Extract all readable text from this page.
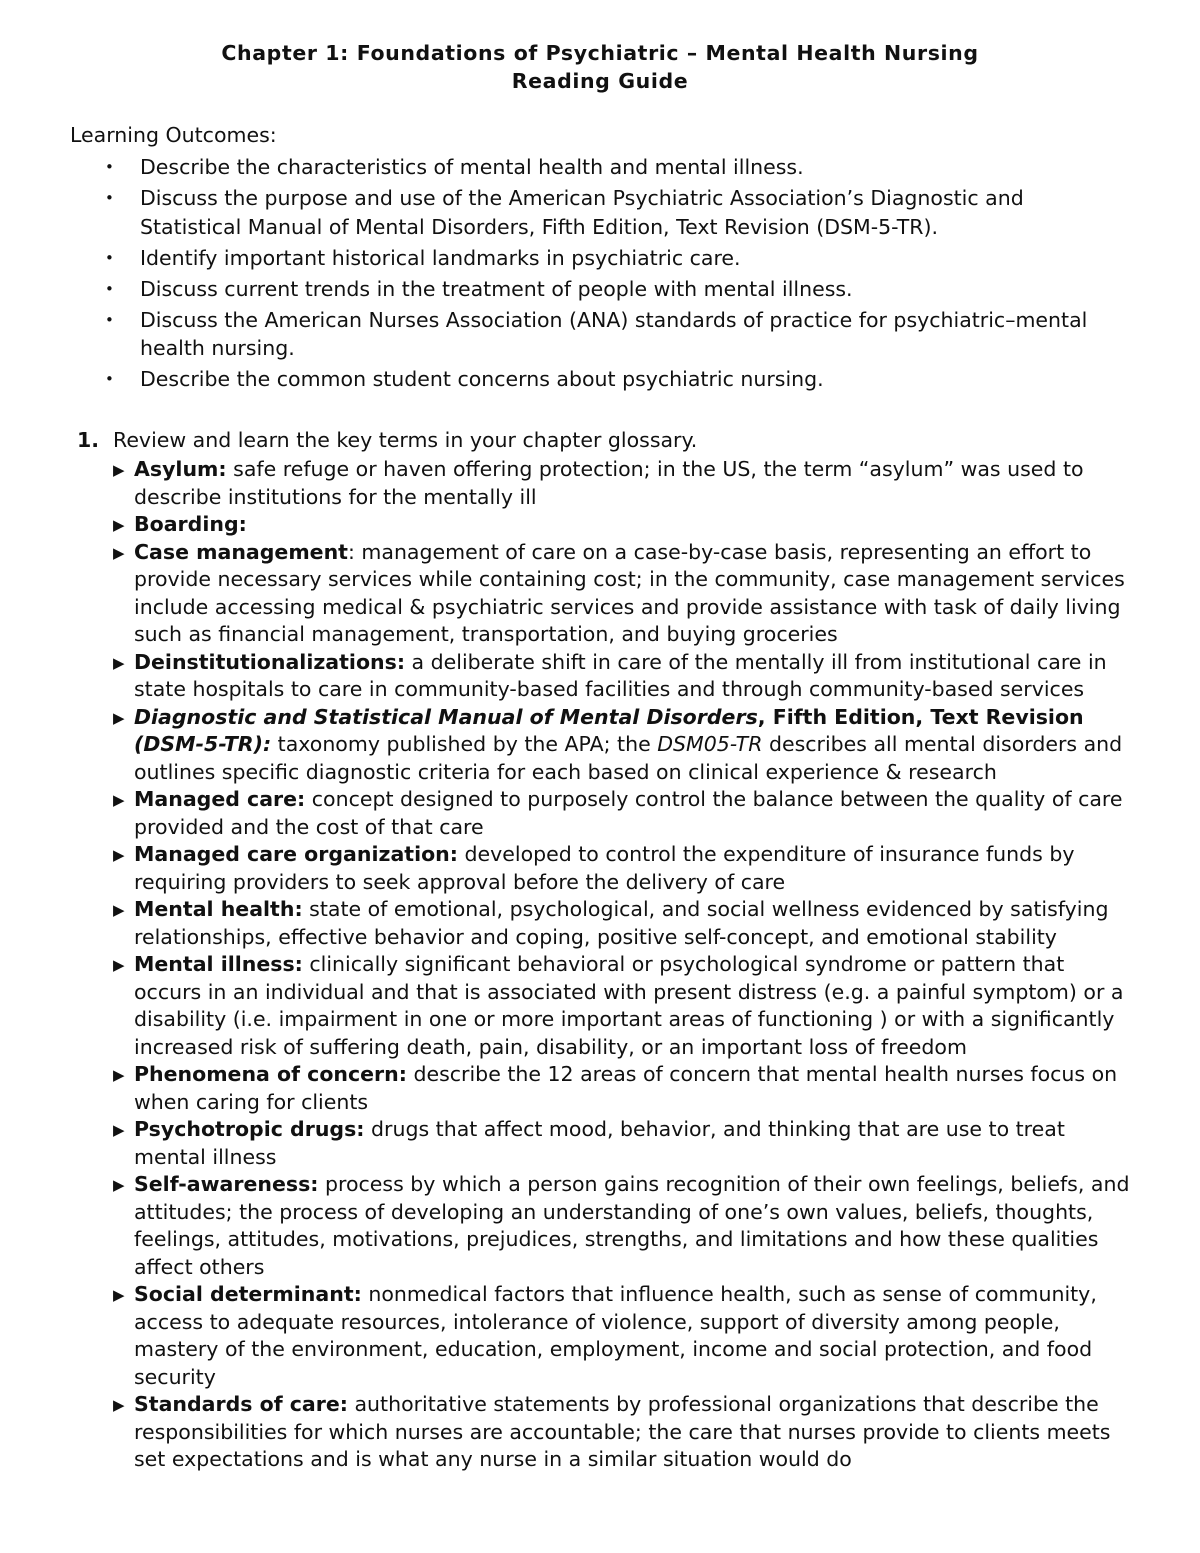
Chapter 1: Foundations of Psychiatric – Mental Health Nursing
Reading Guide
Learning Outcomes:
• Describe the characteristics of mental health and mental illness.
• Discuss the purpose and use of the American Psychiatric Association’s Diagnostic and Statistical Manual of Mental Disorders, Fifth Edition, Text Revision (DSM-5-TR).
• Identify important historical landmarks in psychiatric care.
• Discuss current trends in the treatment of people with mental illness.
• Discuss the American Nurses Association (ANA) standards of practice for psychiatric–mental health nursing.
• Describe the common student concerns about psychiatric nursing.
1. Review and learn the key terms in your chapter glossary.
▶ Asylum: safe refuge or haven offering protection; in the US, the term “asylum” was used to describe institutions for the mentally ill
▶ Boarding:
▶ Case management: management of care on a case-by-case basis, representing an effort to provide necessary services while containing cost; in the community, case management services include accessing medical & psychiatric services and provide assistance with task of daily living such as financial management, transportation, and buying groceries
▶ Deinstitutionalizations: a deliberate shift in care of the mentally ill from institutional care in state hospitals to care in community-based facilities and through community-based services
▶ Diagnostic and Statistical Manual of Mental Disorders, Fifth Edition, Text Revision (DSM-5-TR): taxonomy published by the APA; the DSM05-TR describes all mental disorders and outlines specific diagnostic criteria for each based on clinical experience & research
▶ Managed care: concept designed to purposely control the balance between the quality of care provided and the cost of that care
▶ Managed care organization: developed to control the expenditure of insurance funds by requiring providers to seek approval before the delivery of care
▶ Mental health: state of emotional, psychological, and social wellness evidenced by satisfying relationships, effective behavior and coping, positive self-concept, and emotional stability
▶ Mental illness: clinically significant behavioral or psychological syndrome or pattern that occurs in an individual and that is associated with present distress (e.g. a painful symptom) or a disability (i.e. impairment in one or more important areas of functioning ) or with a significantly increased risk of suffering death, pain, disability, or an important loss of freedom
▶ Phenomena of concern: describe the 12 areas of concern that mental health nurses focus on when caring for clients
▶ Psychotropic drugs: drugs that affect mood, behavior, and thinking that are use to treat mental illness
▶ Self-awareness: process by which a person gains recognition of their own feelings, beliefs, and attitudes; the process of developing an understanding of one’s own values, beliefs, thoughts, feelings, attitudes, motivations, prejudices, strengths, and limitations and how these qualities affect others
▶ Social determinant: nonmedical factors that influence health, such as sense of community, access to adequate resources, intolerance of violence, support of diversity among people, mastery of the environment, education, employment, income and social protection, and food security
▶ Standards of care: authoritative statements by professional organizations that describe the responsibilities for which nurses are accountable; the care that nurses provide to clients meets set expectations and is what any nurse in a similar situation would do
